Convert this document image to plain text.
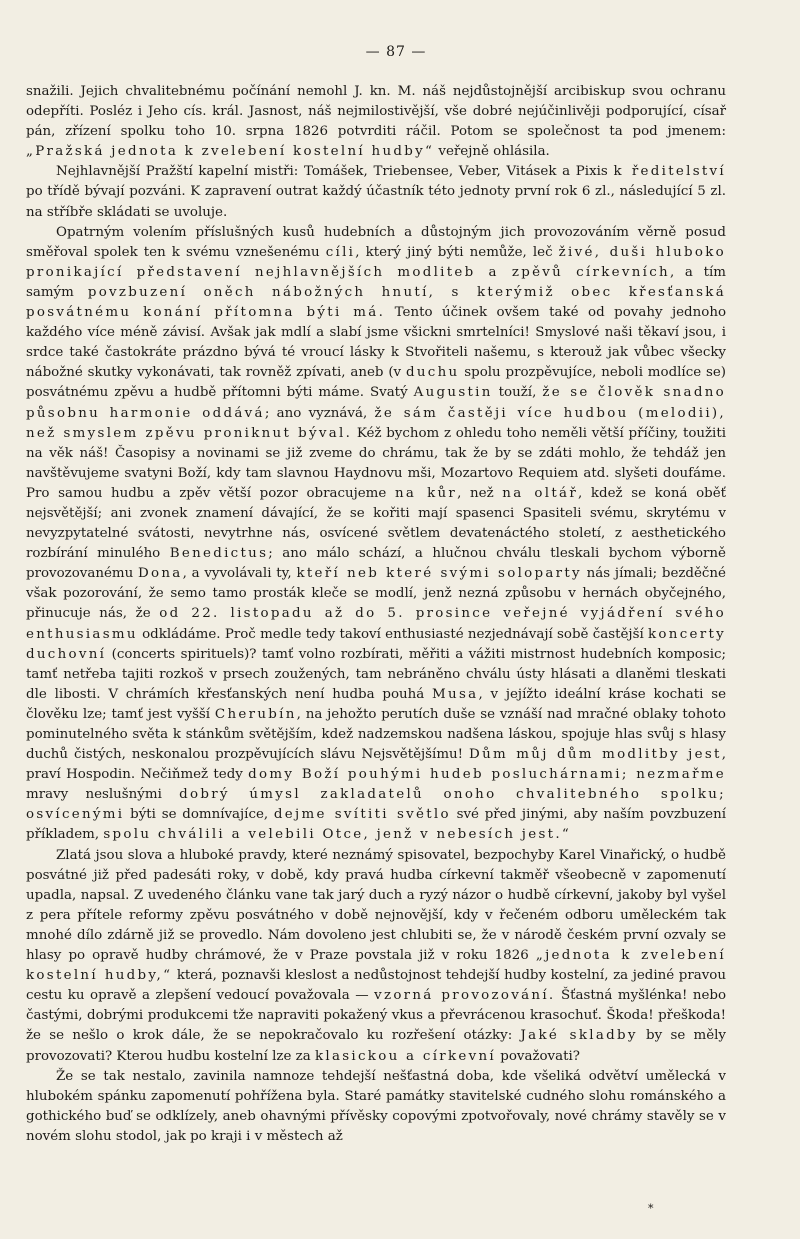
— 87 —

snažili. Jejich chvalitebnému počínání nemohl J. kn. M. náš nejdůstojnější arcibiskup svou ochranu odepříti. Posléz i Jeho cís. král. Jasnost, náš nejmilostivější, vše dobré nejúčinlivěji podporující, císař pán, zřízení spolku toho 10. srpna 1826 potvrditi ráčil. Potom se společnost ta pod jmenem: „Pražská jednota k zvelebení kostelní hudby“ veřejně ohlásila.

Nejhlavnější Pražští kapelní mistři: Tomášek, Triebensee, Veber, Vitásek a Pixis k ředitelství po třídě bývají pozváni. K zapravení outrat každý účastník této jednoty první rok 6 zl., následující 5 zl. na stříbře skládati se uvoluje.

Opatrným volením příslušných kusů hudebních a důstojným jich provozováním věrně posud směřoval spolek ten k svému vznešenému cíli, který jiný býti nemůže, leč živé, duši hluboko pronikající představení nejhlavnějších modliteb a zpěvů církevních, a tím samým povzbuzení oněch nábožných hnutí, s kterýmiž obec křesťanská posvátnému konání přítomna býti má. Tento účinek ovšem také od povahy jednoho každého více méně závisí. Avšak jak mdlí a slabí jsme všickni smrtelníci! Smyslové naši těkaví jsou, i srdce také častokráte prázdno bývá té vroucí lásky k Stvořiteli našemu, s kterouž jak vůbec všecky nábožné skutky vykonávati, tak rovněž zpívati, aneb (v duchu spolu prozpěvujíce, neboli modlíce se) posvátnému zpěvu a hudbě přítomni býti máme. Svatý Augustin touží, že se člověk snadno působnu harmonie oddává; ano vyznává, že sám častěji více hudbou (melodii), než smyslem zpěvu proniknut býval. Kéž bychom z ohledu toho neměli větší příčiny, toužiti na věk náš! Časopisy a novinami se již zveme do chrámu, tak že by se zdáti mohlo, že tehdáž jen navštěvujeme svatyni Boží, kdy tam slavnou Haydnovu mši, Mozartovo Requiem atd. slyšeti doufáme. Pro samou hudbu a zpěv větší pozor obracujeme na kůr, než na oltář, kdež se koná oběť nejsvětější; ani zvonek znamení dávající, že se kořiti mají spasenci Spasiteli svému, skrytému v nevyzpytatelné svátosti, nevytrhne nás, osvícené světlem devatenáctého století, z aesthetického rozbírání minulého Benedictus; ano málo schází, a hlučnou chválu tleskali bychom výborně provozovanému Dona, a vyvolávali ty, kteří neb které svými soloparty nás jímali; bezděčné však pozorování, že semo tamo prosták kleče se modlí, jenž nezná způsobu v hernách obyčejného, přinucuje nás, že od 22. listopadu až do 5. prosince veřejné vyjádření svého enthusiasmu odkládáme. Proč medle tedy takoví enthusiasté nezjednávají sobě častější koncerty duchovní (concerts spirituels)? tamť volno rozbírati, měřiti a vážiti mistrnost hudebních komposic; tamť netřeba tajiti rozkoš v prsech zoužených, tam nebráněno chválu ústy hlásati a dlaněmi tleskati dle libosti. V chrámích křesťanských není hudba pouhá Musa, v jejížto ideální kráse kochati se člověku lze; tamť jest vyšší Cherubín, na jehožto perutích duše se vznáší nad mračné oblaky tohoto pominutelného světa k stánkům světějším, kdež nadzemskou nadšena láskou, spojuje hlas svůj s hlasy duchů čistých, neskonalou prozpěvujících slávu Nejsvětějšímu! Dům můj dům modlitby jest, praví Hospodin. Nečiňmež tedy domy Boží pouhými hudeb posluchárnami; nezmařme mravy neslušnými dobrý úmysl zakladatelů onoho chvalitebného spolku; osvícenými býti se domnívajíce, dejme svítiti světlo své před jinými, aby naším povzbuzení příkladem, spolu chválili a velebili Otce, jenž v nebesích jest.“

Zlatá jsou slova a hluboké pravdy, které neznámý spisovatel, bezpochyby Karel Vinařický, o hudbě posvátné již před padesáti roky, v době, kdy pravá hudba církevní takměř všeobecně v zapomenutí upadla, napsal. Z uvedeného článku vane tak jarý duch a ryzý názor o hudbě církevní, jakoby byl vyšel z pera přítele reformy zpěvu posvátného v době nejnovější, kdy v řečeném odboru uměleckém tak mnohé dílo zdárně již se provedlo. Nám dovoleno jest chlubiti se, že v národě českém první ozvaly se hlasy po opravě hudby chrámové, že v Praze povstala již v roku 1826 „jednota k zvelebení kostelní hudby,“ která, poznavši kleslost a nedůstojnost tehdejší hudby kostelní, za jediné pravou cestu ku opravě a zlepšení vedoucí považovala — vzorná provozování. Šťastná myšlénka! nebo častými, dobrými produkcemi tže napraviti pokažený vkus a převrácenou krasochuť. Škoda! přeškoda! že se nešlo o krok dále, že se nepokračovalo ku rozřešení otázky: Jaké skladby by se měly provozovati? Kterou hudbu kostelní lze za klasickou a církevní považovati?

Že se tak nestalo, zavinila namnoze tehdejší nešťastná doba, kde všeliká odvětví umělecká v hlubokém spánku zapomenutí pohřížena byla. Staré památky stavitelské cudného slohu románského a gothického buď se odklízely, aneb ohavnými přívěsky copovými zpotvořovaly, nové chrámy stavěly se v novém slohu stodol, jak po kraji i v městech až

*
